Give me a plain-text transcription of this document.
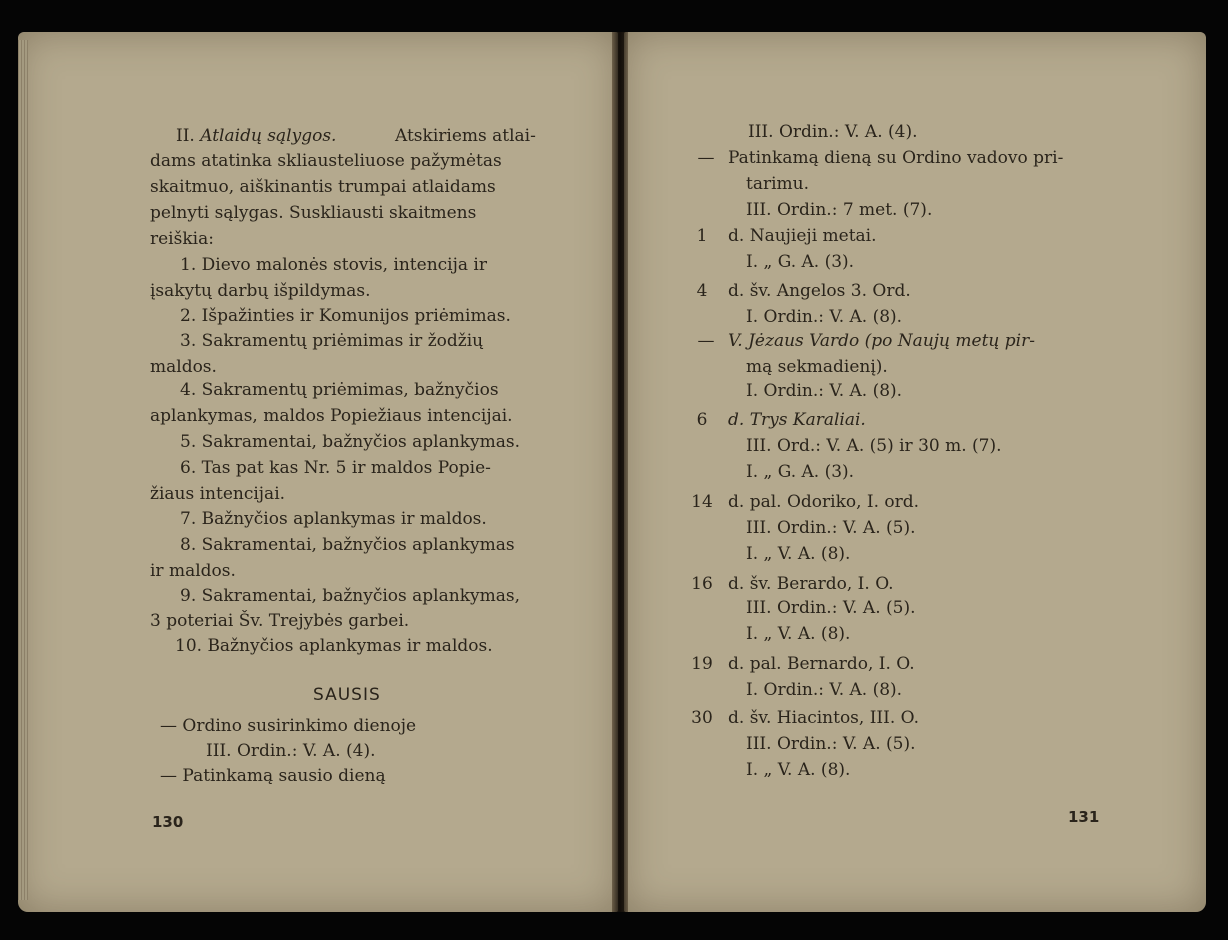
II. Atlaidų sąlygos.	Atskiriems atlai-
dams atatinka skliausteliuose pažymėtas
skaitmuo, aiškinantis trumpai atlaidams
pelnyti sąlygas. Suskliausti skaitmens
reiškia:
1. Dievo malonės stovis, intencija ir
įsakytų darbų išpildymas.
2. Išpažinties ir Komunijos priėmimas.
3. Sakramentų priėmimas ir žodžių
maldos.
4. Sakramentų priėmimas, bažnyčios
aplankymas, maldos Popiežiaus intencijai.
5. Sakramentai, bažnyčios aplankymas.
6. Tas pat kas Nr. 5 ir maldos Popie-
žiaus intencijai.
7. Bažnyčios aplankymas ir maldos.
8. Sakramentai, bažnyčios aplankymas
ir maldos.
9. Sakramentai, bažnyčios aplankymas,
3 poteriai Šv. Trejybės garbei.
10. Bažnyčios aplankymas ir maldos.
SAUSIS
— Ordino susirinkimo dienoje
III. Ordin.: V. A. (4).
— Patinkamą sausio dieną
130
III. Ordin.: V. A. (4).
— Patinkamą dieną su Ordino vadovo pri-
tarimu.
III. Ordin.: 7 met. (7).
1	d. Naujieji metai.
I. „ G. A. (3).
4	d. šv. Angelos 3. Ord.
I. Ordin.: V. A. (8).
— V. Jėzaus Vardo (po Naujų metų pir-
mą sekmadienį).
I. Ordin.: V. A. (8).
6	d. Trys Karaliai.
III. Ord.: V. A. (5) ir 30 m. (7).
I. „ G. A. (3).
14 d. pal. Odoriko, I. ord.
III. Ordin.: V. A. (5).
I. „ V. A. (8).
16 d. šv. Berardo, I. O.
III. Ordin.: V. A. (5).
I. „ V. A. (8).
19 d. pal. Bernardo, I. O.
I. Ordin.: V. A. (8).
30 d. šv. Hiacintos, III. O.
III. Ordin.: V. A. (5).
I. „ V. A. (8).
131
